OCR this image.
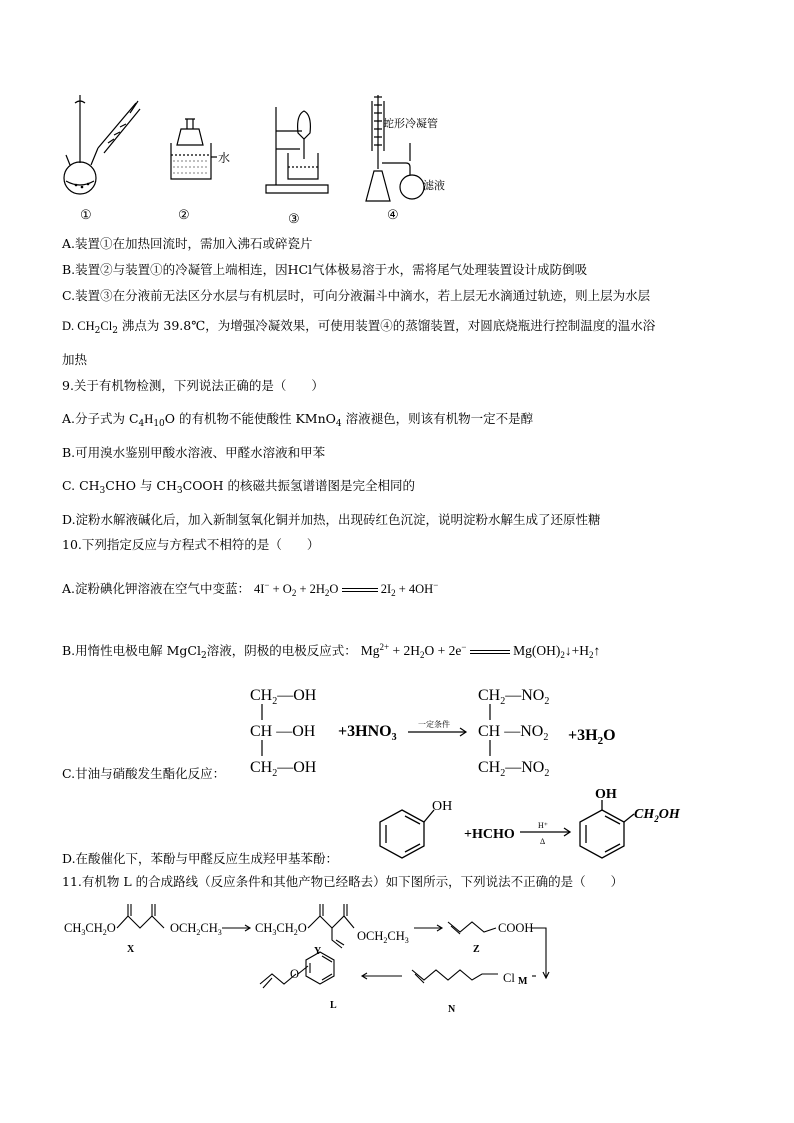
水
蛇形冷凝管
滤液
①	②	③	④
A.装置①在加热回流时，需加入沸石或碎瓷片
B.装置②与装置①的冷凝管上端相连，因HCl气体极易溶于水，需将尾气处理装置设计成防倒吸
C.装置③在分液前无法区分水层与有机层时，可向分液漏斗中滴水，若上层无水滴通过轨迹，则上层为水层
D. $CH_2Cl_2$ 沸点为 39.8℃，为增强冷凝效果，可使用装置④的蒸馏装置，对圆底烧瓶进行控制温度的温水浴
加热
9.关于有机物检测，下列说法正确的是（　　）
A.分子式为 $C_4H_{10}O$ 的有机物不能使酸性 KMnO$_4$ 溶液褪色，则该有机物一定不是醇
B.可用溴水鉴别甲酸水溶液、甲醛水溶液和甲苯
C. $CH_3CHO$ 与 $CH_3COOH$ 的核磁共振氢谱谱图是完全相同的
D.淀粉水解液碱化后，加入新制氢氧化铜并加热，出现砖红色沉淀，说明淀粉水解生成了还原性糖
10.下列指定反应与方程式不相符的是（　　）
A.淀粉碘化钾溶液在空气中变蓝： $4I^- + O_2 + 2H_2O$	$2I_2 + 4OH^-$
B.用惰性电极电解 MgCl$_2$溶液，阴极的电极反应式： $Mg^{2+} + 2H_2O + 2e^-$	$Mg(OH)_2↓+H_2↑$
$CH_2—OH$
CH —OH
$CH_2—OH$
$+3HNO_3$
$CH_2—NO_2$
CH $—NO_2$
$CH_2—NO_2$
$+3H_2O$
一定条件
C.甘油与硝酸发生酯化反应：
OH
+HCHO
OH
$CH_2OH$
H⁺
Δ
D.在酸催化下，苯酚与甲醛反应生成羟甲基苯酚：
11.有机物 L 的合成路线（反应条件和其他产物已经略去）如下图所示，下列说法不正确的是（　　）
$CH_3CH_2O$	$OCH_2CH_3$	$CH_3CH_2O$
$OCH_2CH_3$
COOH
Cl
O
X	Y	Z
M
N
L
